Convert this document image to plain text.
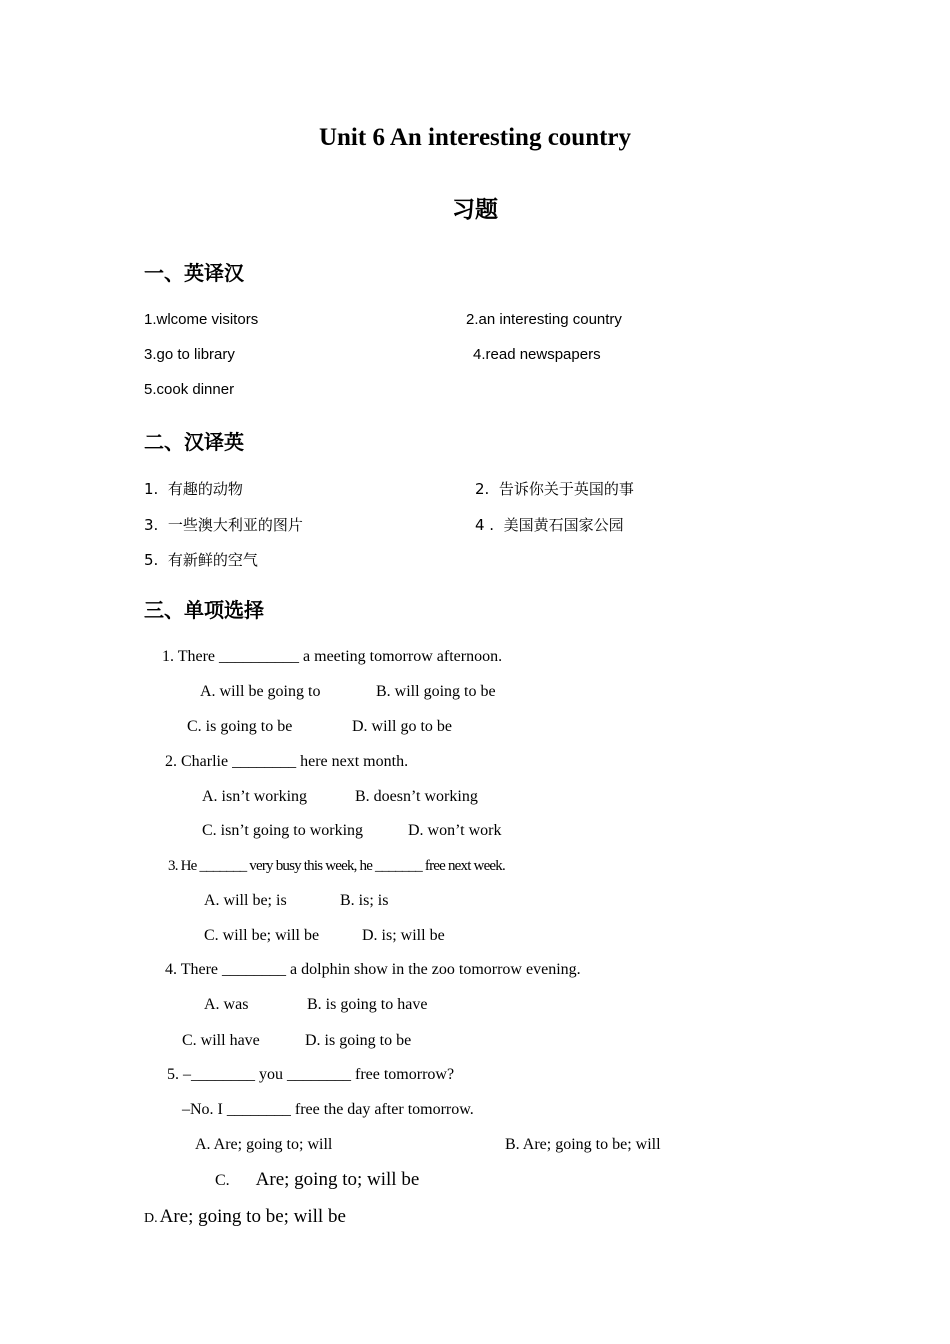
Unit 6 An interesting country
习题
一、英译汉
1.wlcome visitors	2.an interesting country
3.go to library	4.read newspapers
5.cook dinner
二、汉译英
1. 有趣的动物	2. 告诉你关于英国的事
3. 一些澳大利亚的图片	4 . 美国黄石国家公园
5. 有新鲜的空气
三、单项选择
1. There __________ a meeting tomorrow afternoon.
A. will be going to	B. will going to be
C. is going to be	D. will go to be
2. Charlie ________ here next month.
A. isn’t working	B. doesn’t working
C. isn’t going to working	D. won’t work
3. He _______ very busy this week, he _______ free next week.
A. will be; is	B. is; is
C. will be; will be	D. is; will be
4. There ________ a dolphin show in the zoo tomorrow evening.
A. was	B. is going to have
C. will have	D. is going to be
5. –________ you ________ free tomorrow?
–No. I ________ free the day after tomorrow.
A. Are; going to; will	B. Are; going to be; will
C. Are; going to; will be
D. Are; going to be; will be
